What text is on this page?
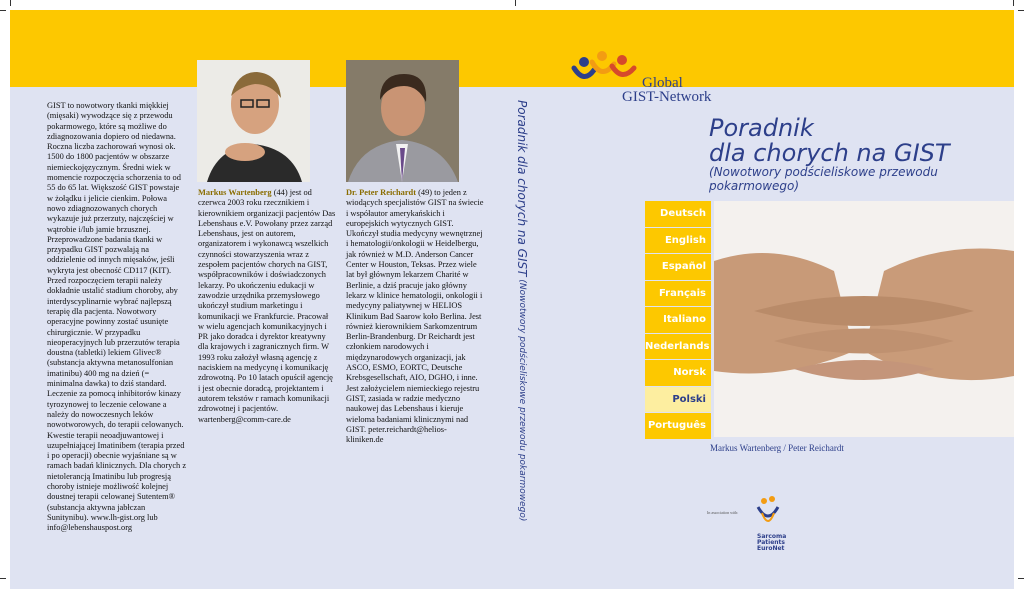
GIST to nowotwory tkanki miękkiej (mięsaki) wywodzące się z przewodu pokarmowego, które są możliwe do zdiagnozowania dopiero od niedawna. Roczna liczba zachorowań wynosi ok. 1500 do 1800 pacjentów w obszarze niemieckojęzycznym. Średni wiek w momencie rozpoczęcia schorzenia to od 55 do 65 lat. Większość GIST powstaje w żołądku i jelicie cienkim. Połowa nowo zdiagnozowanych chorych wykazuje już przerzuty, najczęściej w wątrobie i/lub jamie brzusznej. Przeprowadzone badania tkanki w przypadku GIST pozwalają na oddzielenie od innych mięsaków, jeśli wykryta jest obecność CD117 (KIT). Przed rozpoczęciem terapii należy dokładnie ustalić stadium choroby, aby interdyscyplinarnie wybrać najlepszą terapię dla pacjenta. Nowotwory operacyjne powinny zostać usunięte chirurgicznie. W przypadku nieoperacyjnych lub przerzutów terapia doustna (tabletki) lekiem Glivec® (substancja aktywna metanosulfonian imatinibu) 400 mg na dzień (= minimalna dawka) to dziś standard. Leczenie za pomocą inhibitorów kinazy tyrozynowej to leczenie celowane a należy do nowoczesnych leków nowotworowych, do terapii celowanych. Kwestie terapii neoadjuwantowej i uzupełniającej Imatinibem (terapia przed i po operacji) obecnie wyjaśniane są w ramach badań klinicznych. Dla chorych z nietolerancją Imatinibu lub progresją choroby istnieje możliwość kolejnej doustnej terapii celowanej Sutentem® (substancja aktywna jabłczan Sunitynibu). www.lh-gist.org lub info@lebenshauspost.org
Markus Wartenberg (44) jest od czerwca 2003 roku rzecznikiem i kierownikiem organizacji pacjentów Das Lebenshaus e.V. Powołany przez zarząd Lebenshaus, jest on autorem, organizatorem i wykonawcą wszelkich czynności stowarzyszenia wraz z zespołem pacjentów chorych na GIST, współpracowników i doświadczonych lekarzy. Po ukończeniu edukacji w zawodzie urzędnika przemysłowego ukończył studium marketingu i komunikacji we Frankfurcie. Pracował w wielu agencjach komunikacyjnych i PR jako doradca i dyrektor kreatywny dla krajowych i zagranicznych firm. W 1993 roku założył własną agencję z naciskiem na medycynę i komunikację zdrowotną. Po 10 latach opuścił agencję i jest obecnie doradcą, projektantem i autorem tekstów r ramach komunikacji zdrowotnej i pacjentów. wartenberg@comm-care.de
Dr. Peter Reichardt (49) to jeden z wiodących specjalistów GIST na świecie i współautor amerykańskich i europejskich wytycznych GIST. Ukończył studia medycyny wewnętrznej i hematologii/onkologii w Heidelbergu, jak również w M.D. Anderson Cancer Center w Houston, Teksas. Przez wiele lat był głównym lekarzem Charité w Berlinie, a dziś pracuje jako główny lekarz w klinice hematologii, onkologii i medycyny paliatywnej w HELIOS Klinikum Bad Saarow koło Berlina. Jest również kierownikiem Sarkomzentrum Berlin-Brandenburg. Dr Reichardt jest członkiem narodowych i międzynarodowych organizacji, jak ASCO, ESMO, EORTC, Deutsche Krebsgesellschaft, AIO, DGHO, i inne. Jest założycielem niemieckiego rejestru GIST, zasiada w radzie medyczno naukowej das Lebenshaus i kieruje wieloma badaniami klinicznymi nad GIST. peter.reichardt@helios-kliniken.de
Poradnik dla chorych na GIST (Nowotwory podścieliskowe przewodu pokarmowego)
Global
GIST-Network
Poradnik
dla chorych na GIST
(Nowotwory podścieliskowe przewodu pokarmowego)
Deutsch
English
Español
Français
Italiano
Nederlands
Norsk
Polski
Português
Markus Wartenberg / Peter Reichardt
In association with:
Sarcoma
Patients
EuroNet
